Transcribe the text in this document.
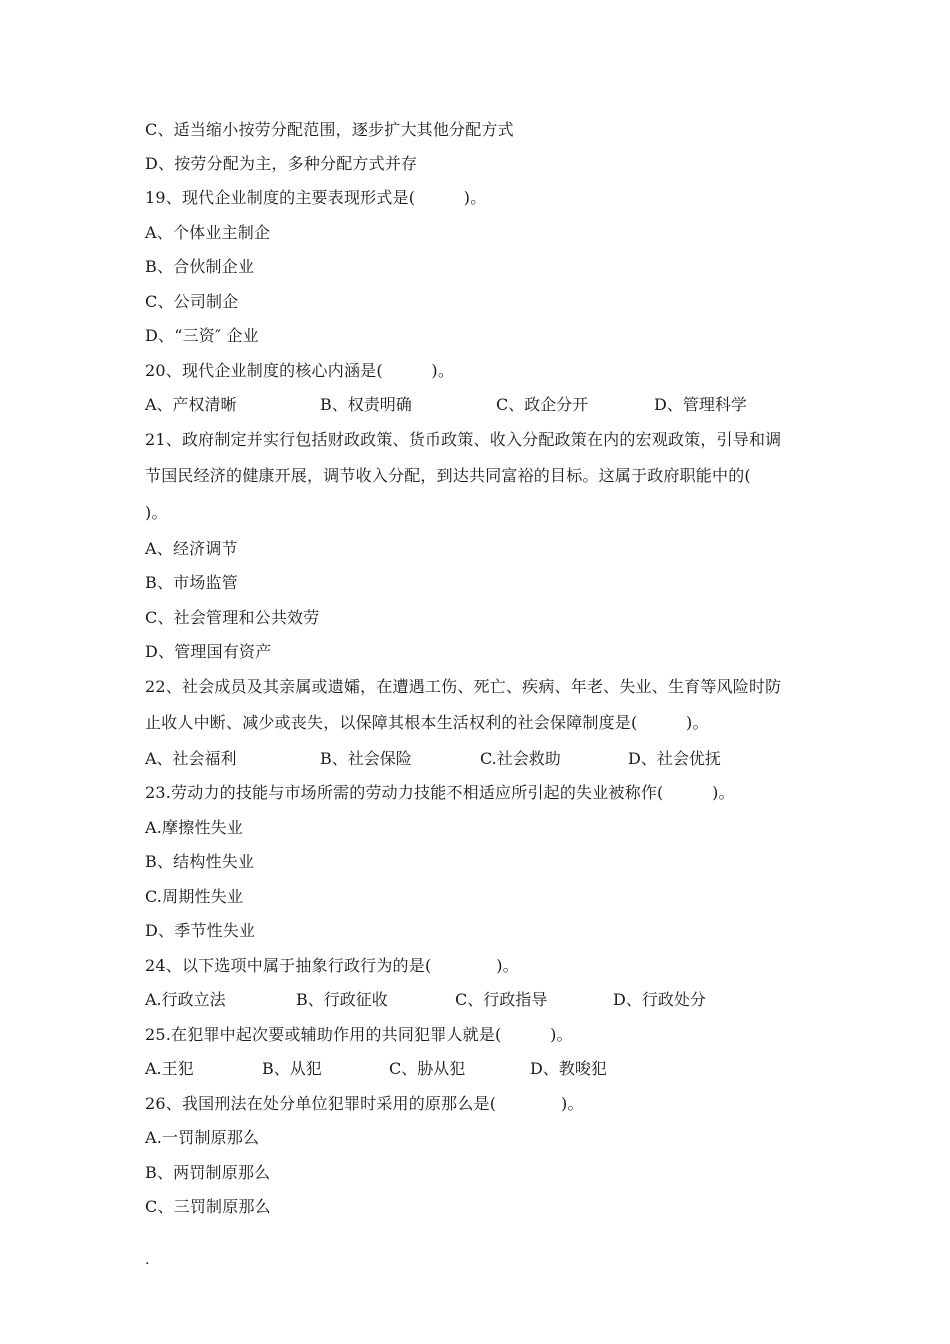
C、适当缩小按劳分配范围，逐步扩大其他分配方式
D、按劳分配为主，多种分配方式并存
19、现代企业制度的主要表现形式是(　　　)。
A、个体业主制企
B、合伙制企业
C、公司制企
D、“三资″ 企业
20、现代企业制度的核心内涵是(　　　)。
A、产权清晰	B、权责明确	C、政企分开	D、管理科学
21、政府制定并实行包括财政政策、货币政策、收入分配政策在内的宏观政策，引导和调
节国民经济的健康开展，调节收入分配，到达共同富裕的目标。这属于政府职能中的(
)。
A、经济调节
B、市场监管
C、社会管理和公共效劳
D、管理国有资产
22、社会成员及其亲属或遗孀，在遭遇工伤、死亡、疾病、年老、失业、生育等风险时防
止收人中断、减少或丧失，以保障其根本生活权利的社会保障制度是(　　　)。
A、社会福利	B、社会保险	C.社会救助	D、社会优抚
23.劳动力的技能与市场所需的劳动力技能不相适应所引起的失业被称作(　　　)。
A.摩擦性失业
B、结构性失业
C.周期性失业
D、季节性失业
24、以下选项中属于抽象行政行为的是(　　　　)。
A.行政立法	B、行政征收	C、行政指导	D、行政处分
25.在犯罪中起次要或辅助作用的共同犯罪人就是(　　　)。
A.王犯	B、从犯	C、胁从犯	D、教唆犯
26、我国刑法在处分单位犯罪时采用的原那么是(　　　　)。
A.一罚制原那么
B、两罚制原那么
C、三罚制原那么
.
